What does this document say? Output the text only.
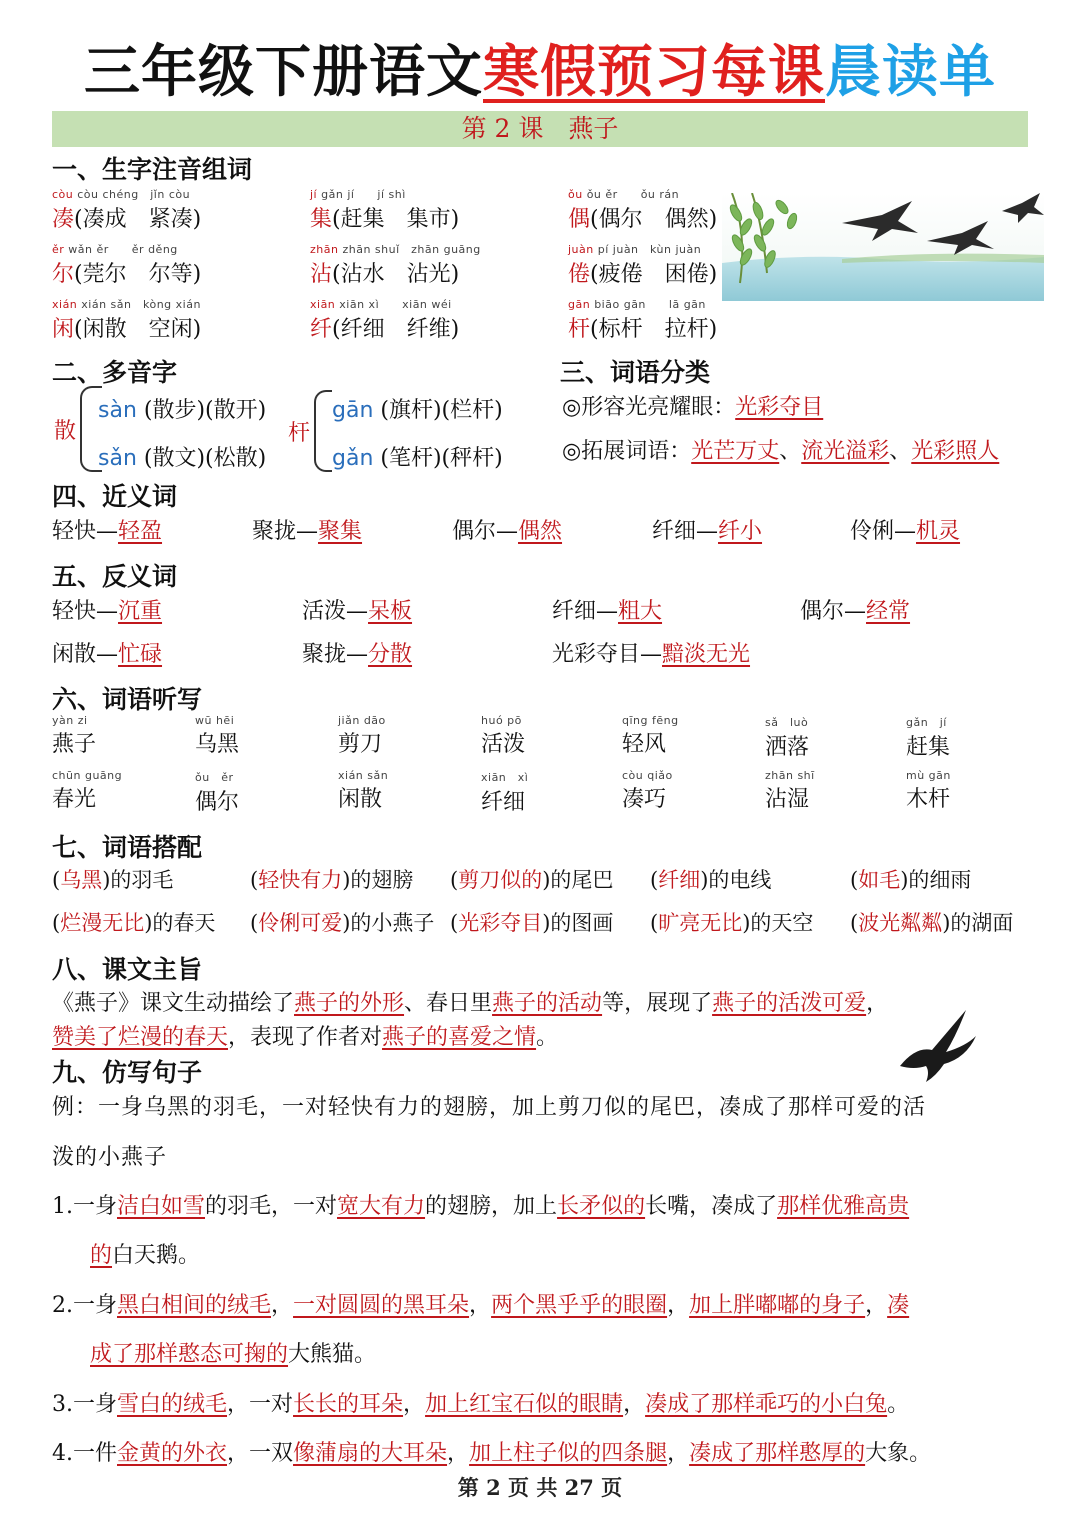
三年级下册语文寒假预习每课晨读单
第 2 课　燕子
一、生字注音组词
còu còu chéng　jǐn còu
凑(凑成　紧凑)
jí gǎn jí　　jí shì
集(赶集　集市)
ǒu ǒu ěr　　ǒu rán
偶(偶尔　偶然)
ěr wǎn ěr　　ěr děng
尔(莞尔　尔等)
zhān zhān shuǐ　zhān guāng
沾(沾水　沾光)
juàn pí juàn　kùn juàn
倦(疲倦　困倦)
xián xián sǎn　kòng xián
闲(闲散　空闲)
xiān xiān xì　　xiān wéi
纤(纤细　纤维)
gān biāo gān　　lā gān
杆(标杆　拉杆)
二、多音字
散
sàn (散步)(散开)
sǎn (散文)(松散)
杆
gān (旗杆)(栏杆)
gǎn (笔杆)(秤杆)
三、词语分类
◎形容光亮耀眼：光彩夺目
◎拓展词语：光芒万丈、流光溢彩、光彩照人
四、近义词
轻快—轻盈	聚拢—聚集	偶尔—偶然	纤细—纤小	伶俐—机灵
五、反义词
轻快—沉重	活泼—呆板	纤细—粗大	偶尔—经常
闲散—忙碌	聚拢—分散	光彩夺目—黯淡无光
六、词语听写
yàn zi
燕子
wū hēi
乌黑
jiǎn dāo
剪刀
huó pō
活泼
qīng fēng
轻风
sǎ　luò
洒落
gǎn　jí
赶集
chūn guāng
春光
ǒu　ěr
偶尔
xián sǎn
闲散
xiān　xì
纤细
còu qiǎo
凑巧
zhān shī
沾湿
mù gān
木杆
七、词语搭配
(乌黑)的羽毛	(轻快有力)的翅膀 (剪刀似的)的尾巴 (纤细)的电线	(如毛)的细雨
(烂漫无比)的春天 (伶俐可爱)的小燕子 (光彩夺目)的图画 (旷亮无比)的天空 (波光粼粼)的湖面
八、课文主旨
《燕子》课文生动描绘了燕子的外形、春日里燕子的活动等，展现了燕子的活泼可爱，
赞美了烂漫的春天，表现了作者对燕子的喜爱之情。
九、仿写句子
例：一身乌黑的羽毛，一对轻快有力的翅膀，加上剪刀似的尾巴，凑成了那样可爱的活
泼的小燕子
1.一身洁白如雪的羽毛，一对宽大有力的翅膀，加上长矛似的长嘴，凑成了那样优雅高贵
的白天鹅。
2.一身黑白相间的绒毛，一对圆圆的黑耳朵，两个黑乎乎的眼圈，加上胖嘟嘟的身子，凑
成了那样憨态可掬的大熊猫。
3.一身雪白的绒毛，一对长长的耳朵，加上红宝石似的眼睛，凑成了那样乖巧的小白兔。
4.一件金黄的外衣，一双像蒲扇的大耳朵，加上柱子似的四条腿，凑成了那样憨厚的大象。
第 2 页 共 27 页
